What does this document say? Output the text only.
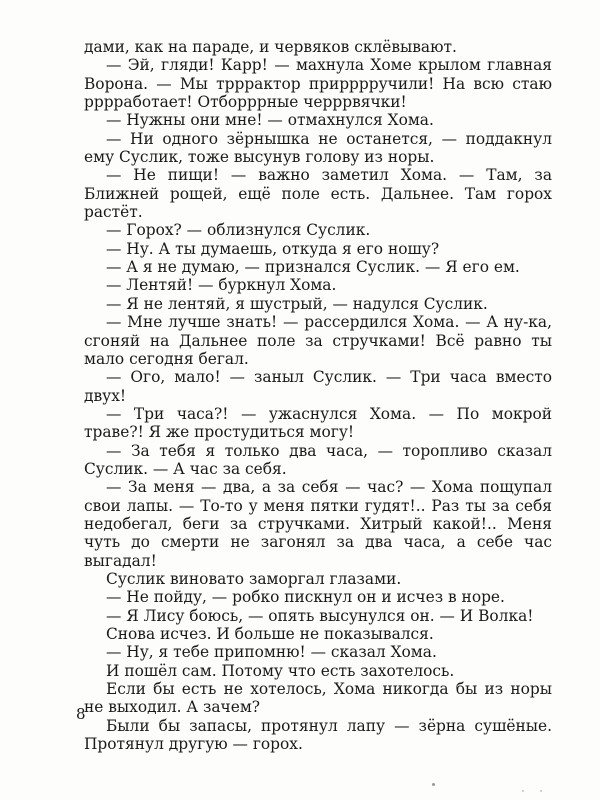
дами, как на параде, и червяков склёвывают.

— Эй, гляди! Карр! — махнула Хоме крылом главная Ворона. — Мы трррактор прирррручили! На всю стаю рррработает! Отборррные черррвячки!

— Нужны они мне! — отмахнулся Хома.

— Ни одного зёрнышка не останется, — поддакнул ему Суслик, тоже высунув голову из норы.

— Не пищи! — важно заметил Хома. — Там, за Ближней рощей, ещё поле есть. Дальнее. Там горох растёт.

— Горох? — облизнулся Суслик.

— Ну. А ты думаешь, откуда я его ношу?

— А я не думаю, — признался Суслик. — Я его ем.

— Лентяй! — буркнул Хома.

— Я не лентяй, я шустрый, — надулся Суслик.

— Мне лучше знать! — рассердился Хома. — А ну-ка, сгоняй на Дальнее поле за стручками! Всё равно ты мало сегодня бегал.

— Ого, мало! — заныл Суслик. — Три часа вместо двух!

— Три часа?! — ужаснулся Хома. — По мокрой траве?! Я же простудиться могу!

— За тебя я только два часа, — торопливо сказал Суслик. — А час за себя.

— За меня — два, а за себя — час? — Хома пощупал свои лапы. — То-то у меня пятки гудят!.. Раз ты за себя недобегал, беги за стручками. Хитрый какой!.. Меня чуть до смерти не загонял за два часа, а себе час выгадал!

Суслик виновато заморгал глазами.

— Не пойду, — робко пискнул он и исчез в норе.

— Я Лису боюсь, — опять высунулся он. — И Волка!

Снова исчез. И больше не показывался.

— Ну, я тебе припомню! — сказал Хома.

И пошёл сам. Потому что есть захотелось.

Если бы есть не хотелось, Хома никогда бы из норы не выходил. А зачем?

Были бы запасы, протянул лапу — зёрна сушёные. Протянул другую — горох.

8
